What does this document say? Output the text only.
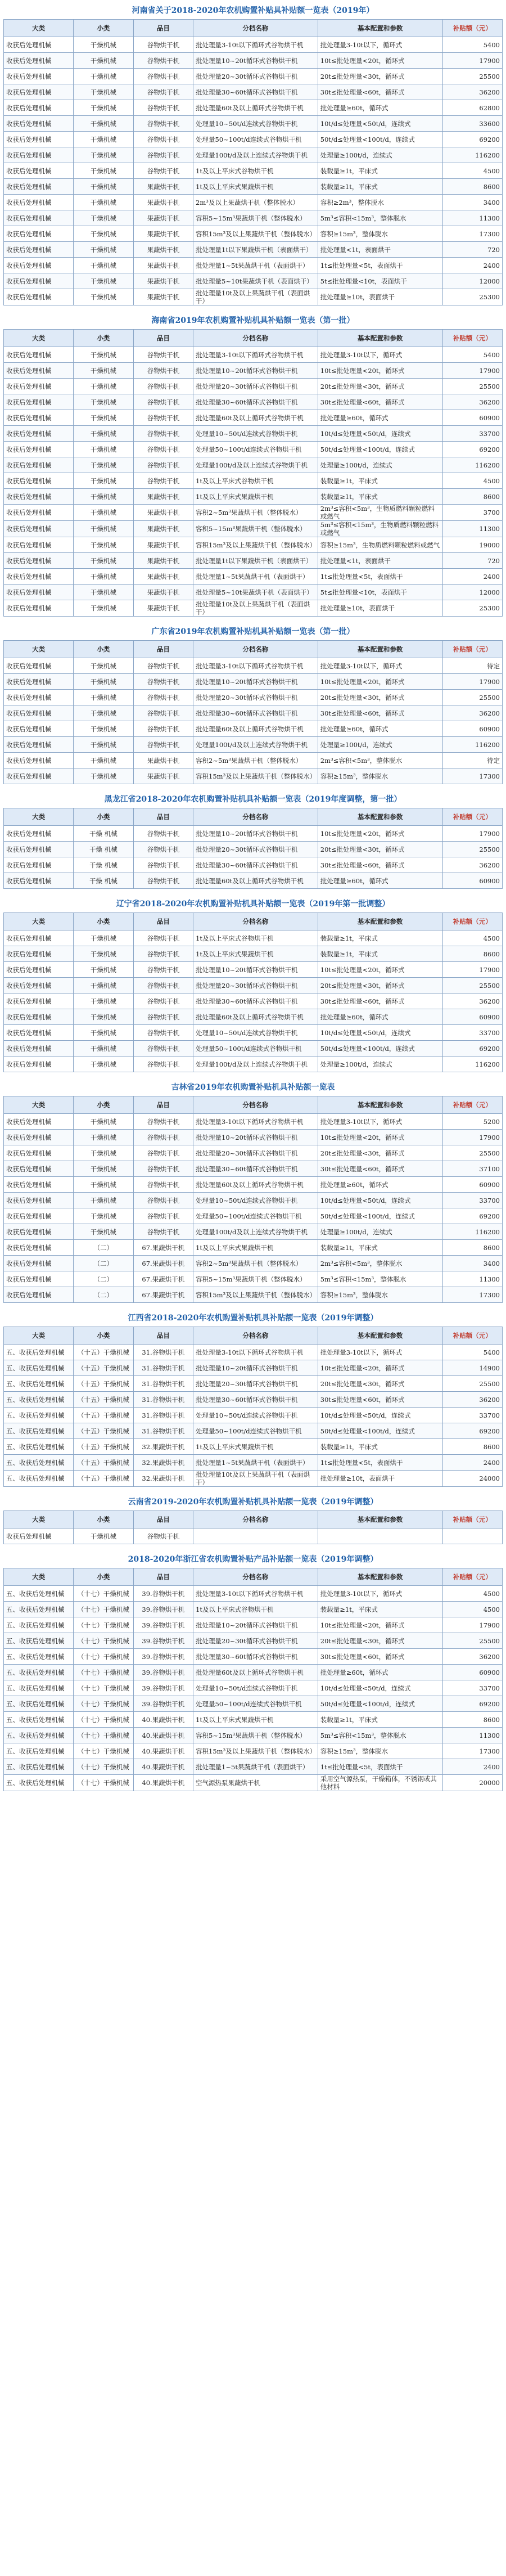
河南省关于2018-2020年农机购置补贴具补贴额一览表（2019年）
大类	小类	品目	分档名称	基本配置和参数	补贴额（元）
收获后处理机械	干燥机械	谷物烘干机	批处理量3-10t以下循环式谷物烘干机	批处理量3-10t以下，循环式	5400
收获后处理机械	干燥机械	谷物烘干机	批处理量10~20t循环式谷物烘干机	10t≤批处理量<20t，循环式	17900
收获后处理机械	干燥机械	谷物烘干机	批处理量20~30t循环式谷物烘干机	20t≤批处理量<30t，循环式	25500
收获后处理机械	干燥机械	谷物烘干机	批处理量30~60t循环式谷物烘干机	30t≤批处理量<60t，循环式	36200
收获后处理机械	干燥机械	谷物烘干机	批处理量60t及以上循环式谷物烘干机	批处理量≥60t，循环式	62800
收获后处理机械	干燥机械	谷物烘干机	处理量10~50t/d连续式谷物烘干机	10t/d≤处理量<50t/d，连续式	33600
收获后处理机械	干燥机械	谷物烘干机	处理量50~100t/d连续式谷物烘干机	50t/d≤处理量<100t/d，连续式	69200
收获后处理机械	干燥机械	谷物烘干机	处理量100t/d及以上连续式谷物烘干机	处理量≥100t/d，连续式	116200
收获后处理机械	干燥机械	谷物烘干机	1t及以上平床式谷物烘干机	装载量≥1t，平床式	4500
收获后处理机械	干燥机械	果蔬烘干机	1t及以上平床式果蔬烘干机	装载量≥1t，平床式	8600
收获后处理机械	干燥机械	果蔬烘干机	2m³及以上果蔬烘干机（整体脱水）	容积≥2m³，整体脱水	3400
收获后处理机械	干燥机械	果蔬烘干机	容积5~15m³果蔬烘干机（整体脱水）	5m³≤容积<15m³，整体脱水	11300
收获后处理机械	干燥机械	果蔬烘干机	容积15m³及以上果蔬烘干机（整体脱水）	容积≥15m³，整体脱水	17300
收获后处理机械	干燥机械	果蔬烘干机	批处理量1t以下果蔬烘干机（表面烘干）	批处理量<1t，表面烘干	720
收获后处理机械	干燥机械	果蔬烘干机	批处理量1~5t果蔬烘干机（表面烘干）	1t≤批处理量<5t，表面烘干	2400
收获后处理机械	干燥机械	果蔬烘干机	批处理量5~10t果蔬烘干机（表面烘干）	5t≤批处理量<10t，表面烘干	12000
收获后处理机械	干燥机械	果蔬烘干机	批处理量10t及以上果蔬烘干机（表面烘干）	批处理量≥10t，表面烘干	25300
海南省2019年农机购置补贴机具补贴额一览表（第一批）
大类	小类	品目	分档名称	基本配置和参数	补贴额（元）
收获后处理机械	干燥机械	谷物烘干机	批处理量3-10t以下循环式谷物烘干机	批处理量3-10t以下，循环式	5400
收获后处理机械	干燥机械	谷物烘干机	批处理量10~20t循环式谷物烘干机	10t≤批处理量<20t，循环式	17900
收获后处理机械	干燥机械	谷物烘干机	批处理量20~30t循环式谷物烘干机	20t≤批处理量<30t，循环式	25500
收获后处理机械	干燥机械	谷物烘干机	批处理量30~60t循环式谷物烘干机	30t≤批处理量<60t，循环式	36200
收获后处理机械	干燥机械	谷物烘干机	批处理量60t及以上循环式谷物烘干机	批处理量≥60t，循环式	60900
收获后处理机械	干燥机械	谷物烘干机	处理量10~50t/d连续式谷物烘干机	10t/d≤处理量<50t/d，连续式	33700
收获后处理机械	干燥机械	谷物烘干机	处理量50~100t/d连续式谷物烘干机	50t/d≤处理量<100t/d，连续式	69200
收获后处理机械	干燥机械	谷物烘干机	处理量100t/d及以上连续式谷物烘干机	处理量≥100t/d，连续式	116200
收获后处理机械	干燥机械	谷物烘干机	1t及以上平床式谷物烘干机	装载量≥1t，平床式	4500
收获后处理机械	干燥机械	果蔬烘干机	1t及以上平床式果蔬烘干机	装载量≥1t，平床式	8600
收获后处理机械	干燥机械	果蔬烘干机	容积2~5m³果蔬烘干机（整体脱水）	2m³≤容积<5m³，生物质燃料颗粒燃料或燃气	3700
收获后处理机械	干燥机械	果蔬烘干机	容积5~15m³果蔬烘干机（整体脱水）	5m³≤容积<15m³，生物质燃料颗粒燃料或燃气	11300
收获后处理机械	干燥机械	果蔬烘干机	容积15m³及以上果蔬烘干机（整体脱水）	容积≥15m³，生物质燃料颗粒燃料或燃气	19000
收获后处理机械	干燥机械	果蔬烘干机	批处理量1t以下果蔬烘干机（表面烘干）	批处理量<1t，表面烘干	720
收获后处理机械	干燥机械	果蔬烘干机	批处理量1~5t果蔬烘干机（表面烘干）	1t≤批处理量<5t，表面烘干	2400
收获后处理机械	干燥机械	果蔬烘干机	批处理量5~10t果蔬烘干机（表面烘干）	5t≤批处理量<10t，表面烘干	12000
收获后处理机械	干燥机械	果蔬烘干机	批处理量10t及以上果蔬烘干机（表面烘干）	批处理量≥10t，表面烘干	25300
广东省2019年农机购置补贴机具补贴额一览表（第一批）
大类	小类	品目	分档名称	基本配置和参数	补贴额（元）
收获后处理机械	干燥机械	谷物烘干机	批处理量3-10t以下循环式谷物烘干机	批处理量3-10t以下，循环式	待定
收获后处理机械	干燥机械	谷物烘干机	批处理量10~20t循环式谷物烘干机	10t≤批处理量<20t，循环式	17900
收获后处理机械	干燥机械	谷物烘干机	批处理量20~30t循环式谷物烘干机	20t≤批处理量<30t，循环式	25500
收获后处理机械	干燥机械	谷物烘干机	批处理量30~60t循环式谷物烘干机	30t≤批处理量<60t，循环式	36200
收获后处理机械	干燥机械	谷物烘干机	批处理量60t及以上循环式谷物烘干机	批处理量≥60t，循环式	60900
收获后处理机械	干燥机械	谷物烘干机	处理量100t/d及以上连续式谷物烘干机	处理量≥100t/d，连续式	116200
收获后处理机械	干燥机械	果蔬烘干机	容积2~5m³果蔬烘干机（整体脱水）	2m³≤容积<5m³，整体脱水	待定
收获后处理机械	干燥机械	果蔬烘干机	容积15m³及以上果蔬烘干机（整体脱水）	容积≥15m³，整体脱水	17300
黑龙江省2018-2020年农机购置补贴机具补贴额一览表（2019年度调整，第一批）
大类	小类	品目	分档名称	基本配置和参数	补贴额（元）
收获后处理机械	干燥 机械	谷物烘干机	批处理量10~20t循环式谷物烘干机	10t≤批处理量<20t，循环式	17900
收获后处理机械	干燥 机械	谷物烘干机	批处理量20~30t循环式谷物烘干机	20t≤批处理量<30t，循环式	25500
收获后处理机械	干燥 机械	谷物烘干机	批处理量30~60t循环式谷物烘干机	30t≤批处理量<60t，循环式	36200
收获后处理机械	干燥 机械	谷物烘干机	批处理量60t及以上循环式谷物烘干机	批处理量≥60t，循环式	60900
辽宁省2018-2020年农机购置补贴机具补贴额一览表（2019年第一批调整）
大类	小类	品目	分档名称	基本配置和参数	补贴额（元）
收获后处理机械	干燥机械	谷物烘干机	1t及以上平床式谷物烘干机	装载量≥1t，平床式	4500
收获后处理机械	干燥机械	谷物烘干机	1t及以上平床式果蔬烘干机	装载量≥1t，平床式	8600
收获后处理机械	干燥机械	谷物烘干机	批处理量10~20t循环式谷物烘干机	10t≤批处理量<20t，循环式	17900
收获后处理机械	干燥机械	谷物烘干机	批处理量20~30t循环式谷物烘干机	20t≤批处理量<30t，循环式	25500
收获后处理机械	干燥机械	谷物烘干机	批处理量30~60t循环式谷物烘干机	30t≤批处理量<60t，循环式	36200
收获后处理机械	干燥机械	谷物烘干机	批处理量60t及以上循环式谷物烘干机	批处理量≥60t，循环式	60900
收获后处理机械	干燥机械	谷物烘干机	处理量10~50t/d连续式谷物烘干机	10t/d≤处理量<50t/d，连续式	33700
收获后处理机械	干燥机械	谷物烘干机	处理量50~100t/d连续式谷物烘干机	50t/d≤处理量<100t/d，连续式	69200
收获后处理机械	干燥机械	谷物烘干机	处理量100t/d及以上连续式谷物烘干机	处理量≥100t/d，连续式	116200
吉林省2019年农机购置补贴机具补贴额一览表
大类	小类	品目	分档名称	基本配置和参数	补贴额（元）
收获后处理机械	干燥机械	谷物烘干机	批处理量3-10t以下循环式谷物烘干机	批处理量3-10t以下，循环式	5200
收获后处理机械	干燥机械	谷物烘干机	批处理量10~20t循环式谷物烘干机	10t≤批处理量<20t，循环式	17900
收获后处理机械	干燥机械	谷物烘干机	批处理量20~30t循环式谷物烘干机	20t≤批处理量<30t，循环式	25500
收获后处理机械	干燥机械	谷物烘干机	批处理量30~60t循环式谷物烘干机	30t≤批处理量<60t，循环式	37100
收获后处理机械	干燥机械	谷物烘干机	批处理量60t及以上循环式谷物烘干机	批处理量≥60t，循环式	60900
收获后处理机械	干燥机械	谷物烘干机	处理量10~50t/d连续式谷物烘干机	10t/d≤处理量<50t/d，连续式	33700
收获后处理机械	干燥机械	谷物烘干机	处理量50~100t/d连续式谷物烘干机	50t/d≤处理量<100t/d，连续式	69200
收获后处理机械	干燥机械	谷物烘干机	处理量100t/d及以上连续式谷物烘干机	处理量≥100t/d，连续式	116200
收获后处理机械	（二）	67.果蔬烘干机	1t及以上平床式果蔬烘干机	装载量≥1t，平床式	8600
收获后处理机械	（二）	67.果蔬烘干机	容积2~5m³果蔬烘干机（整体脱水）	2m³≤容积<5m³，整体脱水	3400
收获后处理机械	（二）	67.果蔬烘干机	容积5~15m³果蔬烘干机（整体脱水）	5m³≤容积<15m³，整体脱水	11300
收获后处理机械	（二）	67.果蔬烘干机	容积15m³及以上果蔬烘干机（整体脱水）	容积≥15m³，整体脱水	17300
江西省2018-2020年农机购置补贴机具补贴额一览表（2019年调整）
大类	小类	品目	分档名称	基本配置和参数	补贴额（元）
五、收获后处理机械	（十五）干燥机械	31.谷物烘干机	批处理量3-10t以下循环式谷物烘干机	批处理量3-10t以下，循环式	5400
五、收获后处理机械	（十五）干燥机械	31.谷物烘干机	批处理量10~20t循环式谷物烘干机	10t≤批处理量<20t，循环式	14900
五、收获后处理机械	（十五）干燥机械	31.谷物烘干机	批处理量20~30t循环式谷物烘干机	20t≤批处理量<30t，循环式	25500
五、收获后处理机械	（十五）干燥机械	31.谷物烘干机	批处理量30~60t循环式谷物烘干机	30t≤批处理量<60t，循环式	36200
五、收获后处理机械	（十五）干燥机械	31.谷物烘干机	处理量10~50t/d连续式谷物烘干机	10t/d≤处理量<50t/d，连续式	33700
五、收获后处理机械	（十五）干燥机械	31.谷物烘干机	处理量50~100t/d连续式谷物烘干机	50t/d≤处理量<100t/d，连续式	69200
五、收获后处理机械	（十五）干燥机械	32.果蔬烘干机	1t及以上平床式果蔬烘干机	装载量≥1t，平床式	8600
五、收获后处理机械	（十五）干燥机械	32.果蔬烘干机	批处理量1~5t果蔬烘干机（表面烘干）	1t≤批处理量<5t，表面烘干	2400
五、收获后处理机械	（十五）干燥机械	32.果蔬烘干机	批处理量10t及以上果蔬烘干机（表面烘干）	批处理量≥10t，表面烘干	24000
云南省2019-2020年农机购置补贴机具补贴额一览表（2019年调整）
大类	小类	品目	分档名称	基本配置和参数	补贴额（元）
收获后处理机械	干燥机械	谷物烘干机			
2018-2020年浙江省农机购置补贴产品补贴额一览表（2019年调整）
大类	小类	品目	分档名称	基本配置和参数	补贴额（元）
五、收获后处理机械	（十七）干燥机械	39.谷物烘干机	批处理量3-10t以下循环式谷物烘干机	批处理量3-10t以下，循环式	4500
五、收获后处理机械	（十七）干燥机械	39.谷物烘干机	1t及以上平床式谷物烘干机	装载量≥1t，平床式	4500
五、收获后处理机械	（十七）干燥机械	39.谷物烘干机	批处理量10~20t循环式谷物烘干机	10t≤批处理量<20t，循环式	17900
五、收获后处理机械	（十七）干燥机械	39.谷物烘干机	批处理量20~30t循环式谷物烘干机	20t≤批处理量<30t，循环式	25500
五、收获后处理机械	（十七）干燥机械	39.谷物烘干机	批处理量30~60t循环式谷物烘干机	30t≤批处理量<60t，循环式	36200
五、收获后处理机械	（十七）干燥机械	39.谷物烘干机	批处理量60t及以上循环式谷物烘干机	批处理量≥60t，循环式	60900
五、收获后处理机械	（十七）干燥机械	39.谷物烘干机	处理量10~50t/d连续式谷物烘干机	10t/d≤处理量<50t/d，连续式	33700
五、收获后处理机械	（十七）干燥机械	39.谷物烘干机	处理量50~100t/d连续式谷物烘干机	50t/d≤处理量<100t/d，连续式	69200
五、收获后处理机械	（十七）干燥机械	40.果蔬烘干机	1t及以上平床式果蔬烘干机	装载量≥1t，平床式	8600
五、收获后处理机械	（十七）干燥机械	40.果蔬烘干机	容积5~15m³果蔬烘干机（整体脱水）	5m³≤容积<15m³，整体脱水	11300
五、收获后处理机械	（十七）干燥机械	40.果蔬烘干机	容积15m³及以上果蔬烘干机（整体脱水）	容积≥15m³，整体脱水	17300
五、收获后处理机械	（十七）干燥机械	40.果蔬烘干机	批处理量1~5t果蔬烘干机（表面烘干）	1t≤批处理量<5t，表面烘干	2400
五、收获后处理机械	（十七）干燥机械	40.果蔬烘干机	空气源热泵果蔬烘干机	采用空气源热泵，干燥箱体，不锈钢或其他材料	20000
